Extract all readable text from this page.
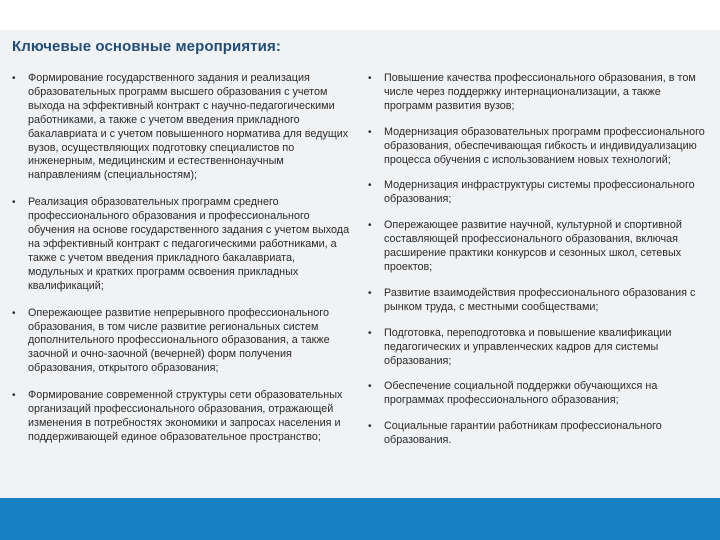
Ключевые основные мероприятия:
• Формирование государственного задания и реализация образовательных программ высшего образования с учетом выхода на эффективный контракт с научно-педагогическими работниками, а также с учетом введения прикладного бакалавриата и с учетом повышенного норматива для ведущих вузов, осуществляющих подготовку специалистов по инженерным, медицинским и естественнонаучным направлениям (специальностям);
• Реализация образовательных программ среднего профессионального образования и профессионального обучения на основе государственного задания с учетом выхода на эффективный контракт с педагогическими работниками, а также с учетом введения прикладного бакалавриата, модульных и кратких программ освоения прикладных квалификаций;
• Опережающее развитие непрерывного профессионального образования, в том числе развитие региональных систем дополнительного профессионального образования, а также заочной и очно-заочной (вечерней) форм получения образования, открытого образования;
• Формирование современной структуры сети образовательных организаций профессионального образования, отражающей изменения в потребностях экономики и запросах населения и поддерживающей единое образовательное пространство;
• Повышение качества профессионального образования, в том числе через поддержку интернационализации, а также программ развития вузов;
• Модернизация образовательных программ профессионального образования, обеспечивающая гибкость и индивидуализацию процесса обучения с использованием новых технологий;
• Модернизация инфраструктуры системы профессионального образования;
• Опережающее развитие научной, культурной и спортивной составляющей профессионального образования, включая расширение практики конкурсов и сезонных школ, сетевых проектов;
• Развитие взаимодействия профессионального образования с рынком труда, с местными сообществами;
• Подготовка, переподготовка и повышение квалификации педагогических и управленческих кадров для системы образования;
• Обеспечение социальной поддержки обучающихся на программах профессионального образования;
• Социальные гарантии работникам профессионального образования.
